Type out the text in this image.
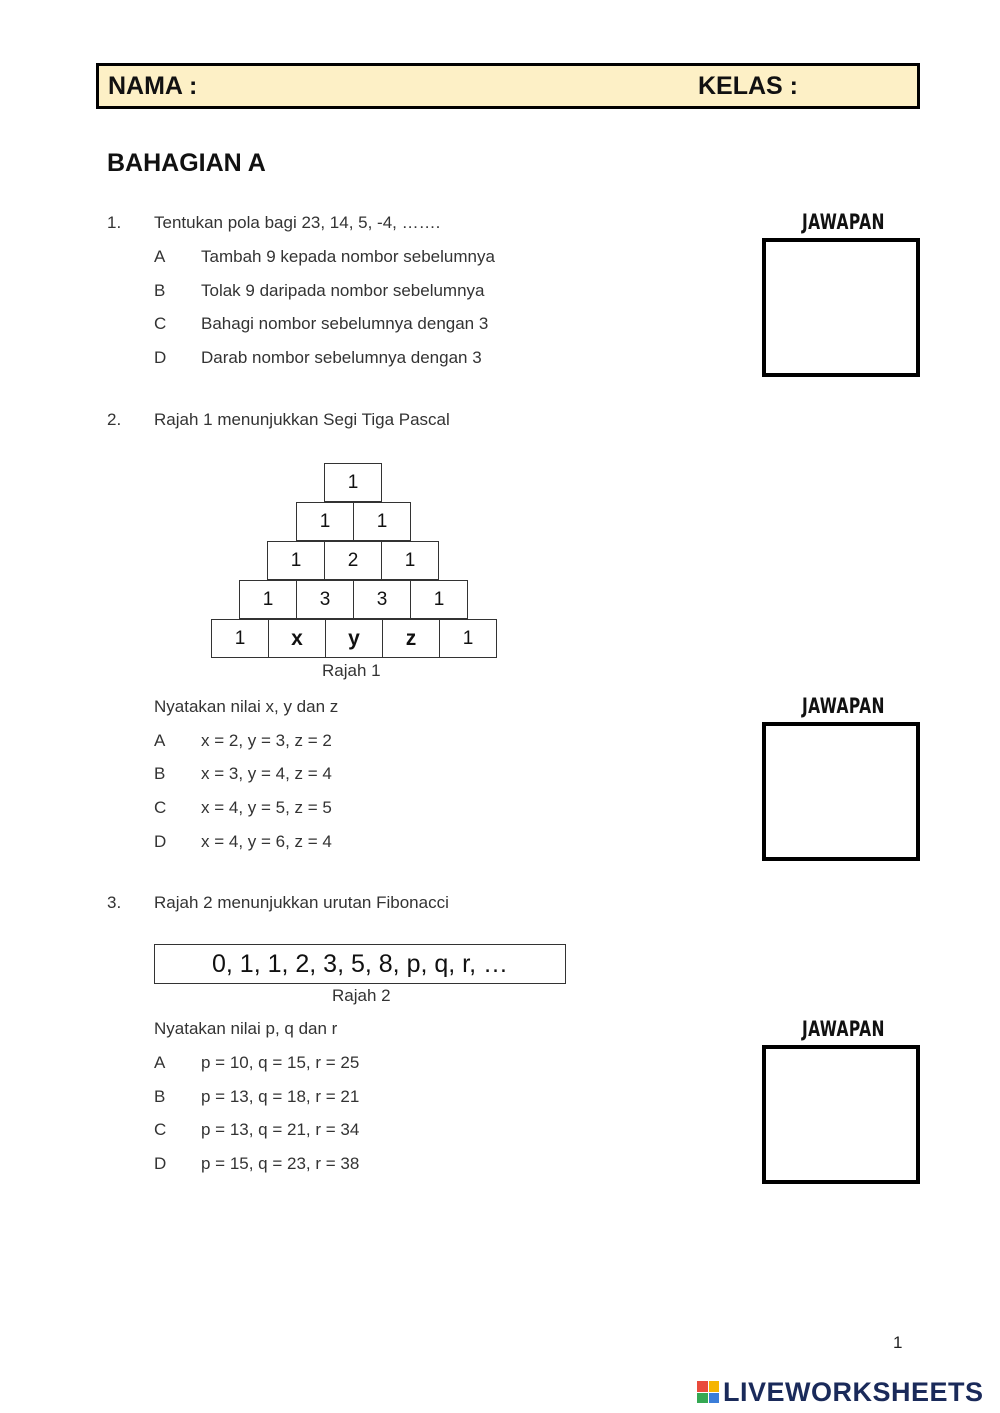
NAMA :	KELAS :
BAHAGIAN A
1. Tentukan pola bagi 23, 14, 5, -4, …….
A Tambah 9 kepada nombor sebelumnya
B Tolak 9 daripada nombor sebelumnya
C Bahagi nombor sebelumnya dengan 3
D Darab nombor sebelumnya dengan 3
JAWAPAN
2. Rajah 1 menunjukkan Segi Tiga Pascal
1
1	1
1	2	1
1	3	3	1
1	x	y	z	1
Rajah 1
Nyatakan nilai x, y dan z
A x = 2, y = 3, z = 2
B x = 3, y = 4, z = 4
C x = 4, y = 5, z = 5
D x = 4, y = 6, z = 4
JAWAPAN
3. Rajah 2 menunjukkan urutan Fibonacci
0, 1, 1, 2, 3, 5, 8, p, q, r, …
Rajah 2
Nyatakan nilai p, q dan r
A p = 10, q = 15, r = 25
B p = 13, q = 18, r = 21
C p = 13, q = 21, r = 34
D p = 15, q = 23, r = 38
JAWAPAN
1
LIVEWORKSHEETS
